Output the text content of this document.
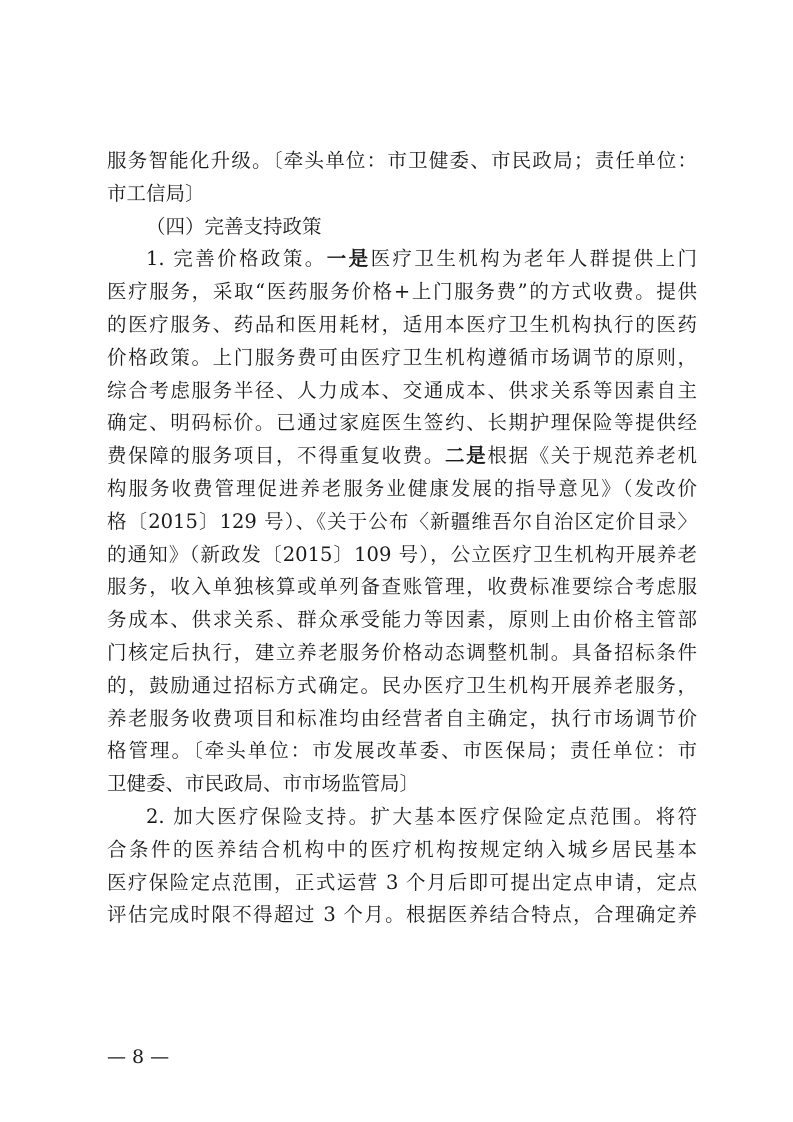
服务智能化升级。〔牵头单位：市卫健委、市民政局；责任单位：
市工信局〕
（四）完善支持政策
1. 完善价格政策。一是医疗卫生机构为老年人群提供上门
医疗服务，采取“医药服务价格+上门服务费”的方式收费。提供
的医疗服务、药品和医用耗材，适用本医疗卫生机构执行的医药
价格政策。上门服务费可由医疗卫生机构遵循市场调节的原则，
综合考虑服务半径、人力成本、交通成本、供求关系等因素自主
确定、明码标价。已通过家庭医生签约、长期护理保险等提供经
费保障的服务项目，不得重复收费。二是根据《关于规范养老机
构服务收费管理促进养老服务业健康发展的指导意见》（发改价
格〔2015〕129 号）、《关于公布〈新疆维吾尔自治区定价目录〉
的通知》（新政发〔2015〕109 号），公立医疗卫生机构开展养老
服务，收入单独核算或单列备查账管理，收费标准要综合考虑服
务成本、供求关系、群众承受能力等因素，原则上由价格主管部
门核定后执行，建立养老服务价格动态调整机制。具备招标条件
的，鼓励通过招标方式确定。民办医疗卫生机构开展养老服务，
养老服务收费项目和标准均由经营者自主确定，执行市场调节价
格管理。〔牵头单位：市发展改革委、市医保局；责任单位：市
卫健委、市民政局、市市场监管局〕
2. 加大医疗保险支持。扩大基本医疗保险定点范围。将符
合条件的医养结合机构中的医疗机构按规定纳入城乡居民基本
医疗保险定点范围，正式运营 3 个月后即可提出定点申请，定点
评估完成时限不得超过 3 个月。根据医养结合特点，合理确定养
— 8 —
